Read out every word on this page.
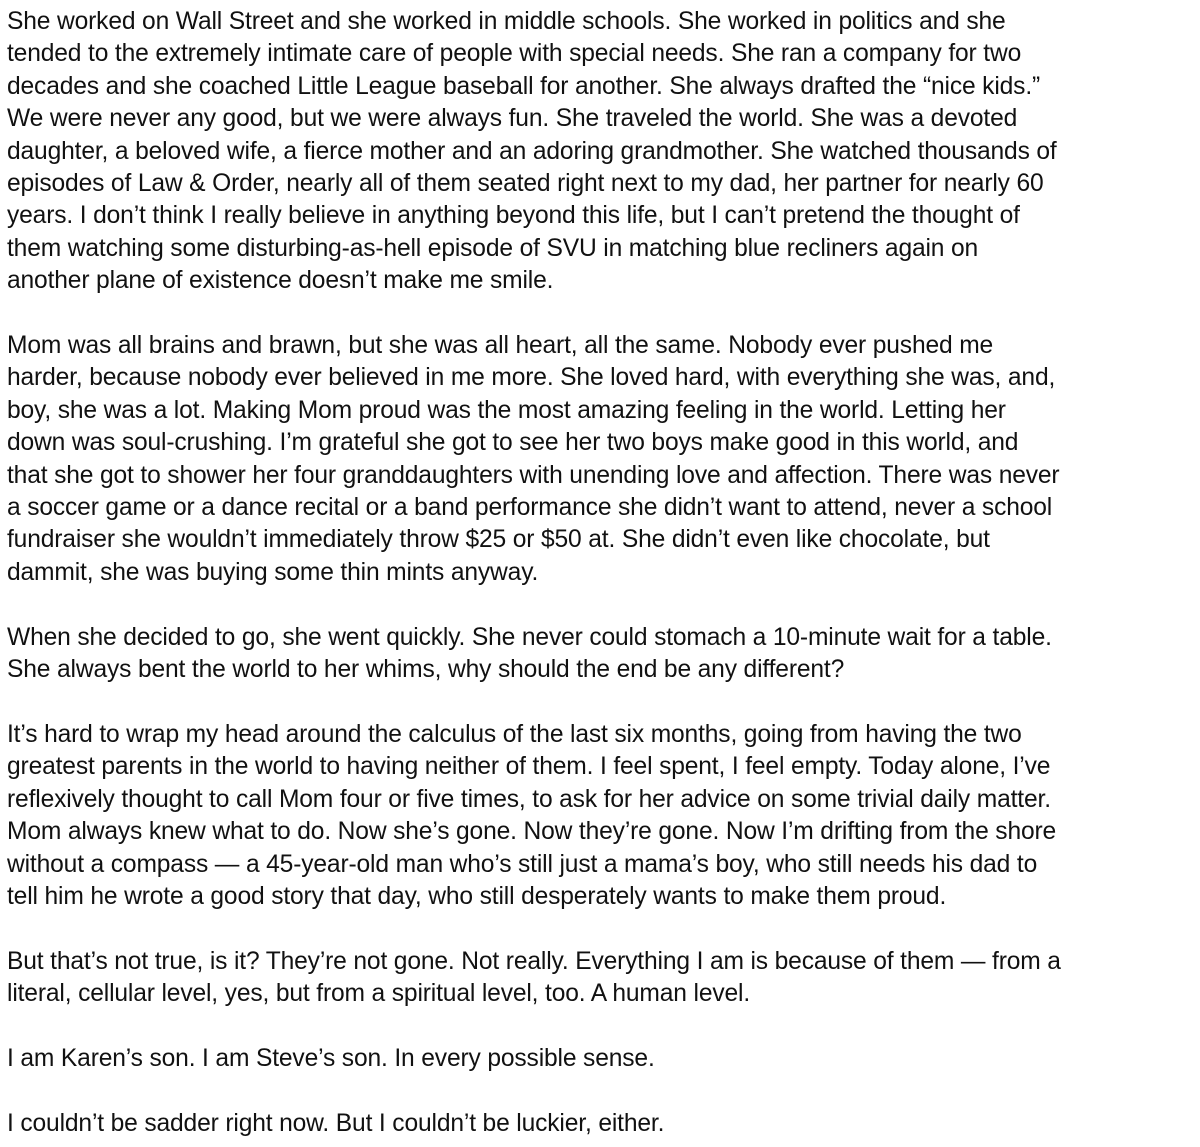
She worked on Wall Street and she worked in middle schools. She worked in politics and she
tended to the extremely intimate care of people with special needs. She ran a company for two
decades and she coached Little League baseball for another. She always drafted the “nice kids.”
We were never any good, but we were always fun. She traveled the world. She was a devoted
daughter, a beloved wife, a fierce mother and an adoring grandmother. She watched thousands of
episodes of Law & Order, nearly all of them seated right next to my dad, her partner for nearly 60
years. I don’t think I really believe in anything beyond this life, but I can’t pretend the thought of
them watching some disturbing-as-hell episode of SVU in matching blue recliners again on
another plane of existence doesn’t make me smile.

Mom was all brains and brawn, but she was all heart, all the same. Nobody ever pushed me
harder, because nobody ever believed in me more. She loved hard, with everything she was, and,
boy, she was a lot. Making Mom proud was the most amazing feeling in the world. Letting her
down was soul-crushing. I’m grateful she got to see her two boys make good in this world, and
that she got to shower her four granddaughters with unending love and affection. There was never
a soccer game or a dance recital or a band performance she didn’t want to attend, never a school
fundraiser she wouldn’t immediately throw $25 or $50 at. She didn’t even like chocolate, but
dammit, she was buying some thin mints anyway.

When she decided to go, she went quickly. She never could stomach a 10-minute wait for a table.
She always bent the world to her whims, why should the end be any different?

It’s hard to wrap my head around the calculus of the last six months, going from having the two
greatest parents in the world to having neither of them. I feel spent, I feel empty. Today alone, I’ve
reflexively thought to call Mom four or five times, to ask for her advice on some trivial daily matter.
Mom always knew what to do. Now she’s gone. Now they’re gone. Now I’m drifting from the shore
without a compass — a 45-year-old man who’s still just a mama’s boy, who still needs his dad to
tell him he wrote a good story that day, who still desperately wants to make them proud.

But that’s not true, is it? They’re not gone. Not really. Everything I am is because of them — from a
literal, cellular level, yes, but from a spiritual level, too. A human level.

I am Karen’s son. I am Steve’s son. In every possible sense.

I couldn’t be sadder right now. But I couldn’t be luckier, either.
